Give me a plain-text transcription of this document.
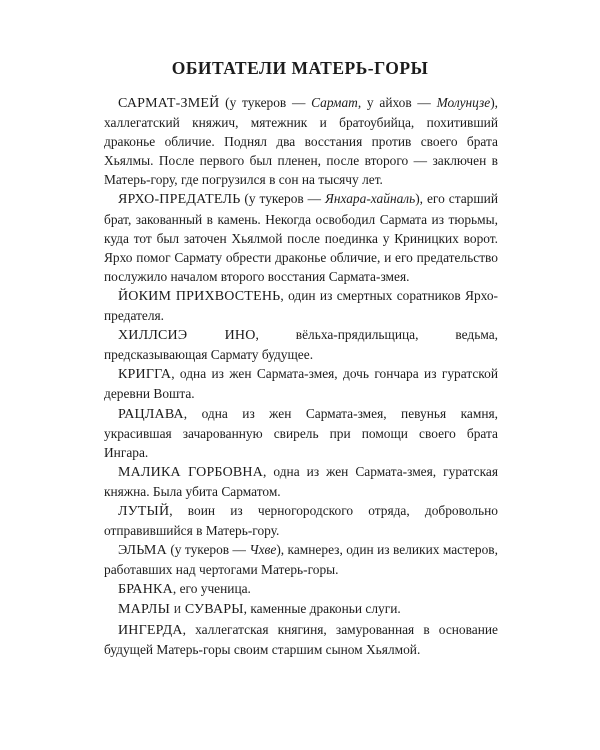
ОБИТАТЕЛИ МАТЕРЬ-ГОРЫ

САРМАТ-ЗМЕЙ (у тукеров — Сармат, у айхов — Молунцзе), халлегатский княжич, мятежник и братоубийца, похитивший драконье обличие. Поднял два восстания против своего брата Хьялмы. После первого был пленен, после второго — заключен в Матерь-гору, где погрузился в сон на тысячу лет.

ЯРХО-ПРЕДАТЕЛЬ (у тукеров — Янхара-хайналь), его старший брат, закованный в камень. Некогда освободил Сармата из тюрьмы, куда тот был заточен Хьялмой после поединка у Криницких ворот. Ярхо помог Сармату обрести драконье обличие, и его предательство послужило началом второго восстания Сармата-змея.

ЙОКИМ ПРИХВОСТЕНЬ, один из смертных соратников Ярхо-предателя.

ХИЛЛСИЭ ИНО, вёльха-прядильщица, ведьма, предсказывающая Сармату будущее.

КРИГГА, одна из жен Сармата-змея, дочь гончара из гуратской деревни Вошта.

РАЦЛАВА, одна из жен Сармата-змея, певунья камня, украсившая зачарованную свирель при помощи своего брата Ингара.

МАЛИКА ГОРБОВНА, одна из жен Сармата-змея, гуратская княжна. Была убита Сарматом.

ЛУТЫЙ, воин из черногородского отряда, добровольно отправившийся в Матерь-гору.

ЭЛЬМА (у тукеров — Чхве), камнерез, один из великих мастеров, работавших над чертогами Матерь-горы.

БРАНКА, его ученица.

МАРЛЫ и СУВАРЫ, каменные драконьи слуги.

ИНГЕРДА, халлегатская княгиня, замурованная в основание будущей Матерь-горы своим старшим сыном Хьялмой.
